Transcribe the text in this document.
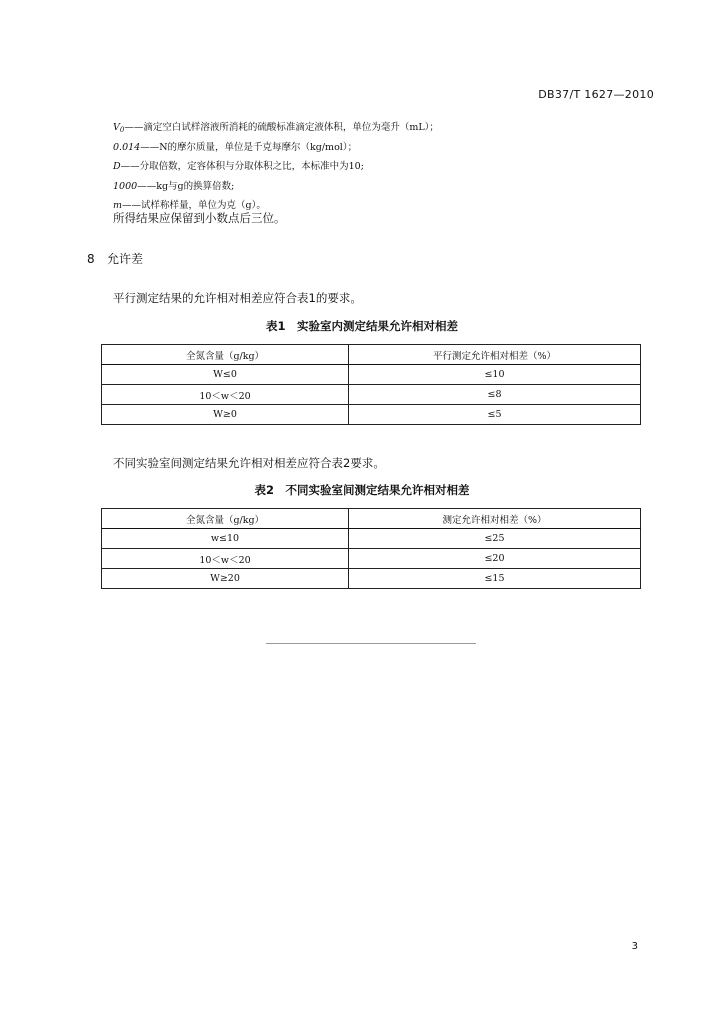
DB37/T 1627—2010
$V_0——$滴定空白试样溶液所消耗的硫酸标准滴定液体积，单位为毫升（mL）；
0.014——N的摩尔质量，单位是千克每摩尔（kg/mol）；
D——分取倍数，定容体积与分取体积之比，本标准中为10;
1000——kg与g的换算倍数;
m——试样称样量，单位为克（g）。
所得结果应保留到小数点后三位。
8 允许差
平行测定结果的允许相对相差应符合表1的要求。
表1　实验室内测定结果允许相对相差
全氮含量（g/kg）	平行测定允许相对相差（%）
W≤0	≤10
10＜w＜20	≤8
W≥0	≤5
不同实验室间测定结果允许相对相差应符合表2要求。
表2　不同实验室间测定结果允许相对相差
全氮含量（g/kg）	测定允许相对相差（%）
w≤10	≤25
10＜w＜20	≤20
W≥20	≤15
3
